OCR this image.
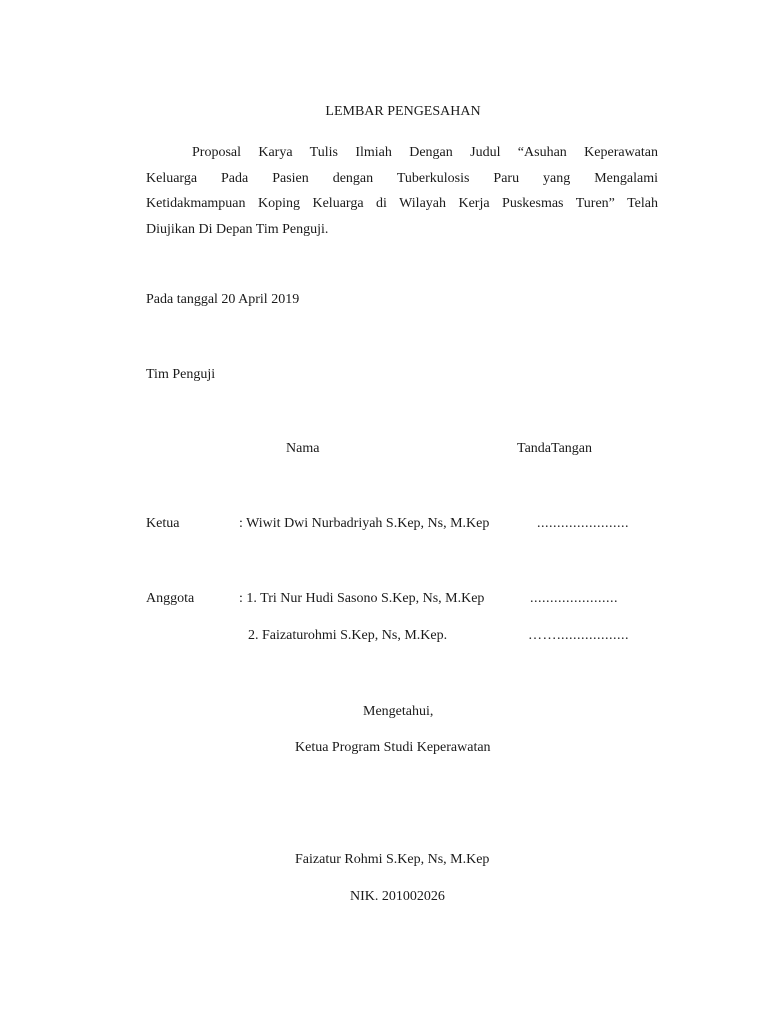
LEMBAR PENGESAHAN
Proposal Karya Tulis Ilmiah Dengan Judul “Asuhan Keperawatan
Keluarga Pada Pasien dengan Tuberkulosis Paru yang Mengalami
Ketidakmampuan Koping Keluarga di Wilayah Kerja Puskesmas Turen” Telah
Diujikan Di Depan Tim Penguji.
Pada tanggal 20 April 2019
Tim Penguji
Nama	TandaTangan
Ketua	: Wiwit Dwi Nurbadriyah S.Kep, Ns, M.Kep	.......................
Anggota	: 1. Tri Nur Hudi Sasono S.Kep, Ns, M.Kep	......................
2. Faizaturohmi S.Kep, Ns, M.Kep.	……..................
Mengetahui,
Ketua Program Studi Keperawatan
Faizatur Rohmi S.Kep, Ns, M.Kep
NIK. 201002026
